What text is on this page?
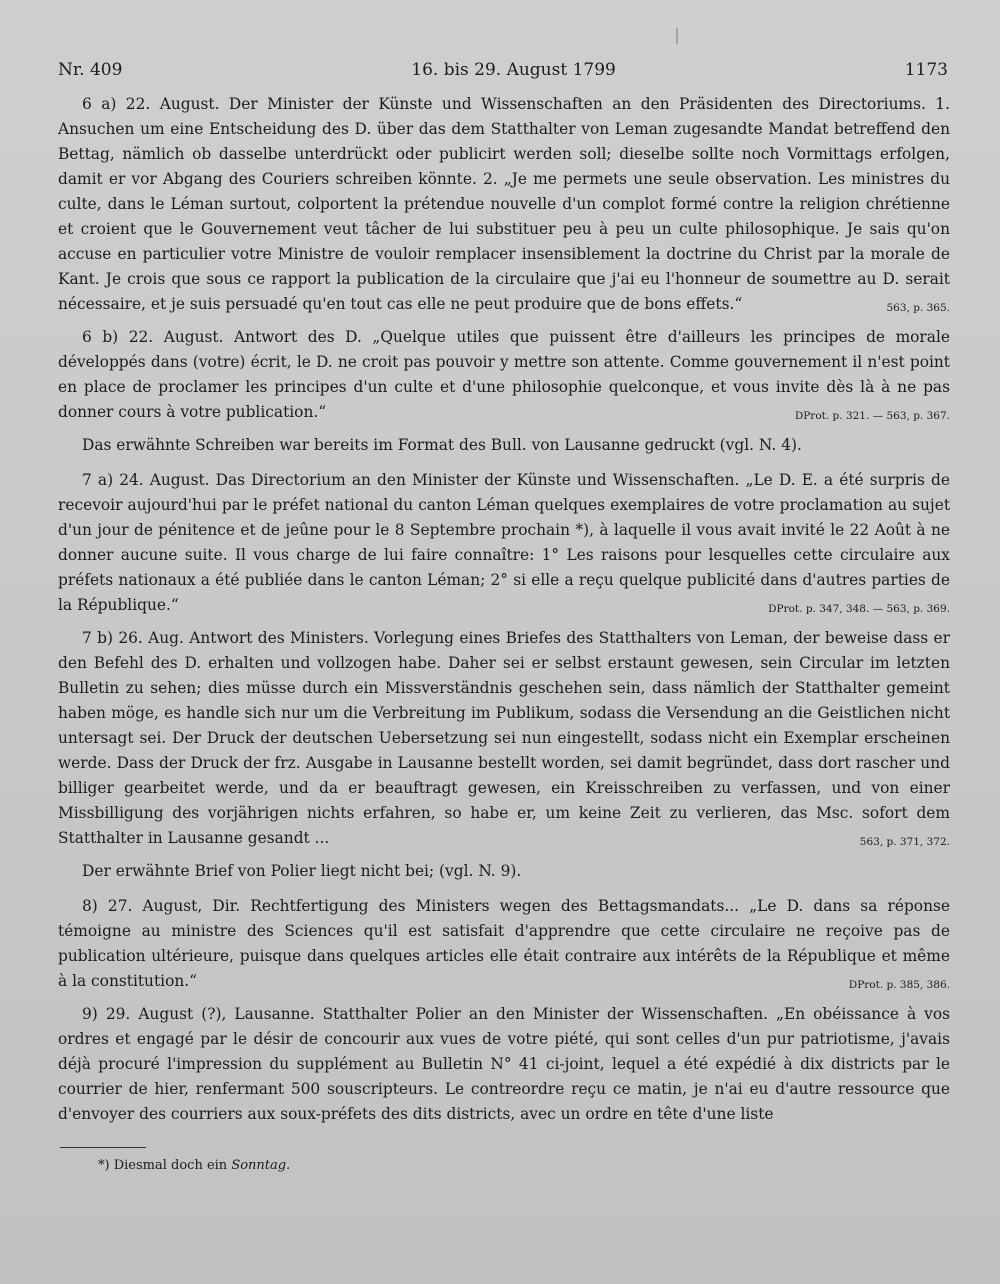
Nr. 409	16. bis 29. August 1799	1173

6 a) 22. August. Der Minister der Künste und Wissenschaften an den Präsidenten des Directoriums. 1. Ansuchen um eine Entscheidung des D. über das dem Statthalter von Leman zugesandte Mandat betreffend den Bettag, nämlich ob dasselbe unterdrückt oder publicirt werden soll; dieselbe sollte noch Vormittags erfolgen, damit er vor Abgang des Couriers schreiben könnte. 2. „Je me permets une seule observation. Les ministres du culte, dans le Léman surtout, colportent la prétendue nouvelle d'un complot formé contre la religion chrétienne et croient que le Gouvernement veut tâcher de lui substituer peu à peu un culte philosophique. Je sais qu'on accuse en particulier votre Ministre de vouloir remplacer insensiblement la doctrine du Christ par la morale de Kant. Je crois que sous ce rapport la publication de la circulaire que j'ai eu l'honneur de soumettre au D. serait nécessaire, et je suis persuadé qu'en tout cas elle ne peut produire que de bons effets.“	563, p. 365.

6 b) 22. August. Antwort des D. „Quelque utiles que puissent être d'ailleurs les principes de morale développés dans (votre) écrit, le D. ne croit pas pouvoir y mettre son attente. Comme gouvernement il n'est point en place de proclamer les principes d'un culte et d'une philosophie quelconque, et vous invite dès là à ne pas donner cours à votre publication.“	DProt. p. 321. — 563, p. 367.

Das erwähnte Schreiben war bereits im Format des Bull. von Lausanne gedruckt (vgl. N. 4).

7 a) 24. August. Das Directorium an den Minister der Künste und Wissenschaften. „Le D. E. a été surpris de recevoir aujourd'hui par le préfet national du canton Léman quelques exemplaires de votre proclamation au sujet d'un jour de pénitence et de jeûne pour le 8 Septembre prochain *), à laquelle il vous avait invité le 22 Août à ne donner aucune suite. Il vous charge de lui faire connaître: 1° Les raisons pour lesquelles cette circulaire aux préfets nationaux a été publiée dans le canton Léman; 2° si elle a reçu quelque publicité dans d'autres parties de la République.“	DProt. p. 347, 348. — 563, p. 369.

7 b) 26. Aug. Antwort des Ministers. Vorlegung eines Briefes des Statthalters von Leman, der beweise dass er den Befehl des D. erhalten und vollzogen habe. Daher sei er selbst erstaunt gewesen, sein Circular im letzten Bulletin zu sehen; dies müsse durch ein Missverständnis geschehen sein, dass nämlich der Statthalter gemeint haben möge, es handle sich nur um die Verbreitung im Publikum, sodass die Versendung an die Geistlichen nicht untersagt sei. Der Druck der deutschen Uebersetzung sei nun eingestellt, sodass nicht ein Exemplar erscheinen werde. Dass der Druck der frz. Ausgabe in Lausanne bestellt worden, sei damit begründet, dass dort rascher und billiger gearbeitet werde, und da er beauftragt gewesen, ein Kreisschreiben zu verfassen, und von einer Missbilligung des vorjährigen nichts erfahren, so habe er, um keine Zeit zu verlieren, das Msc. sofort dem Statthalter in Lausanne gesandt ...	563, p. 371, 372.

Der erwähnte Brief von Polier liegt nicht bei; (vgl. N. 9).

8) 27. August, Dir. Rechtfertigung des Ministers wegen des Bettagsmandats... „Le D. dans sa réponse témoigne au ministre des Sciences qu'il est satisfait d'apprendre que cette circulaire ne reçoive pas de publication ultérieure, puisque dans quelques articles elle était contraire aux intérêts de la République et même à la constitution.“	DProt. p. 385, 386.

9) 29. August (?), Lausanne. Statthalter Polier an den Minister der Wissenschaften. „En obéissance à vos ordres et engagé par le désir de concourir aux vues de votre piété, qui sont celles d'un pur patriotisme, j'avais déjà procuré l'impression du supplément au Bulletin N° 41 ci-joint, lequel a été expédié à dix districts par le courrier de hier, renfermant 500 souscripteurs. Le contreordre reçu ce matin, je n'ai eu d'autre ressource que d'envoyer des courriers aux soux-préfets des dits districts, avec un ordre en tête d'une liste

*) Diesmal doch ein Sonntag.
